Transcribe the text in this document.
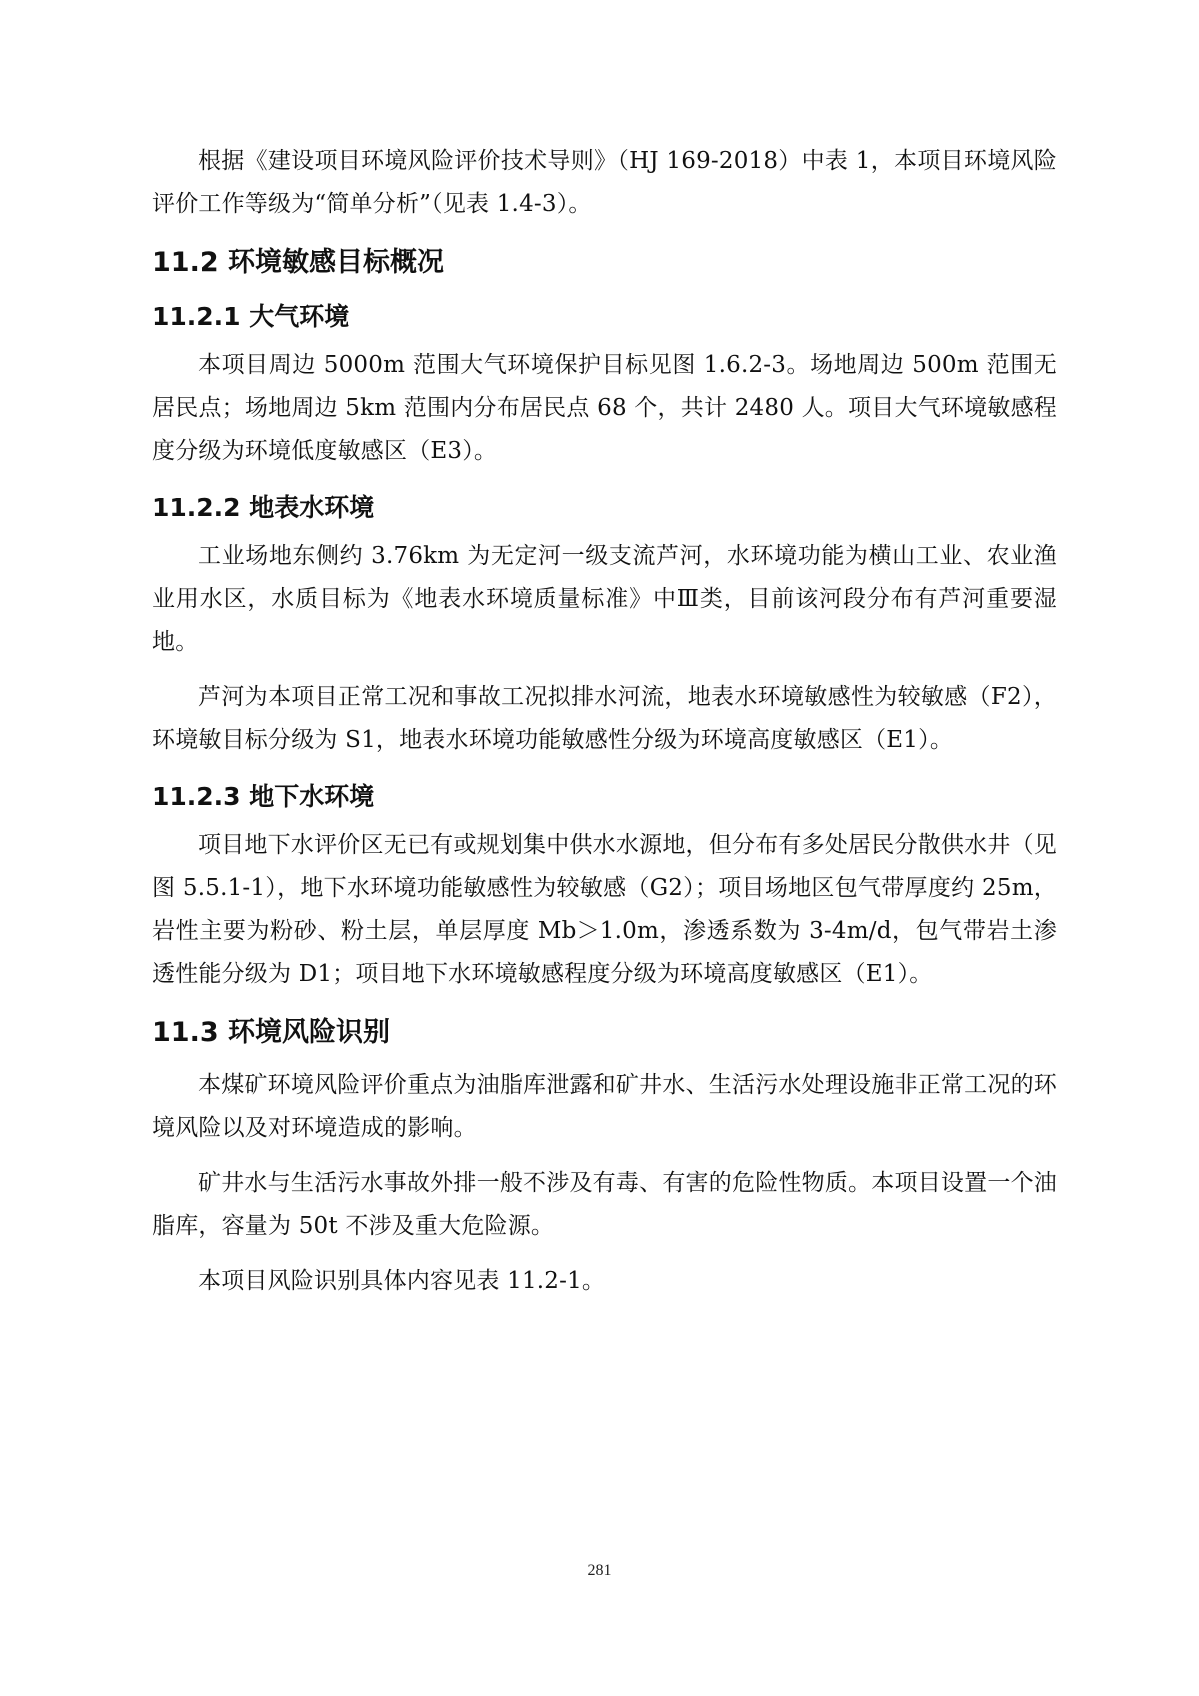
根据《建设项目环境风险评价技术导则》（HJ 169-2018）中表 1，本项目环境风险评价工作等级为“简单分析”（见表 1.4-3）。

11.2 环境敏感目标概况
11.2.1 大气环境

本项目周边 5000m 范围大气环境保护目标见图 1.6.2-3。场地周边 500m 范围无居民点；场地周边 5km 范围内分布居民点 68 个，共计 2480 人。项目大气环境敏感程度分级为环境低度敏感区（E3）。

11.2.2 地表水环境

工业场地东侧约 3.76km 为无定河一级支流芦河，水环境功能为横山工业、农业渔业用水区，水质目标为《地表水环境质量标准》中Ⅲ类，目前该河段分布有芦河重要湿地。

芦河为本项目正常工况和事故工况拟排水河流，地表水环境敏感性为较敏感（F2），环境敏目标分级为 S1，地表水环境功能敏感性分级为环境高度敏感区（E1）。

11.2.3 地下水环境

项目地下水评价区无已有或规划集中供水水源地，但分布有多处居民分散供水井（见图 5.5.1-1），地下水环境功能敏感性为较敏感（G2）；项目场地区包气带厚度约 25m，岩性主要为粉砂、粉土层，单层厚度 Mb＞1.0m，渗透系数为 3-4m/d，包气带岩土渗透性能分级为 D1；项目地下水环境敏感程度分级为环境高度敏感区（E1）。

11.3 环境风险识别

本煤矿环境风险评价重点为油脂库泄露和矿井水、生活污水处理设施非正常工况的环境风险以及对环境造成的影响。

矿井水与生活污水事故外排一般不涉及有毒、有害的危险性物质。本项目设置一个油脂库，容量为 50t 不涉及重大危险源。

本项目风险识别具体内容见表 11.2-1。

281
